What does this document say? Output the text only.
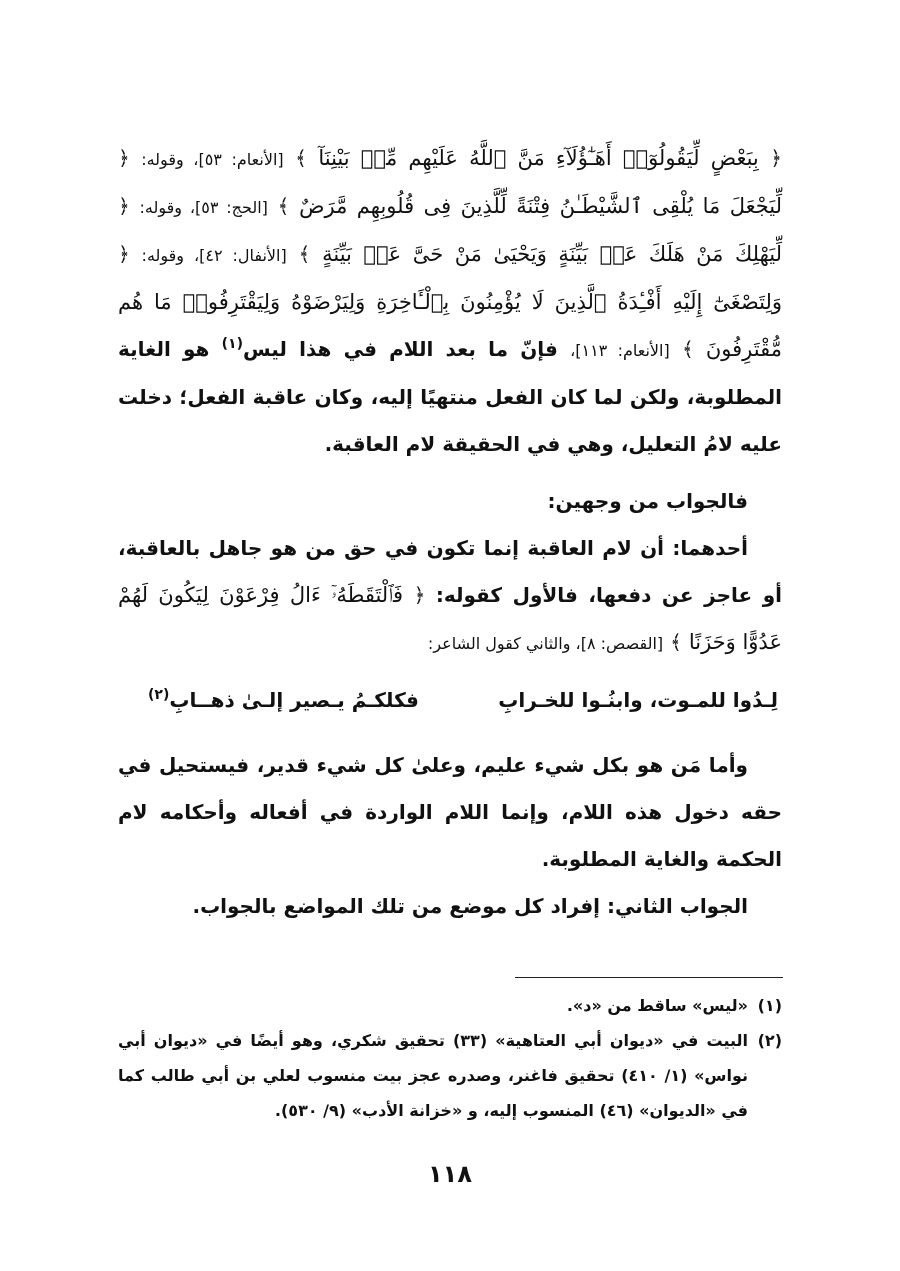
﴿ بِبَعْضٍ لِّيَقُولُوٓا۟ أَهَـٰٓؤُلَآءِ مَنَّ ٱللَّهُ عَلَيْهِم مِّنۢ بَيْنِنَآ ﴾ [الأنعام: ٥٣]، وقوله: ﴿ لِّيَجْعَلَ مَا يُلْقِى ٱلشَّيْطَـٰنُ فِتْنَةً لِّلَّذِينَ فِى قُلُوبِهِم مَّرَضٌ ﴾ [الحج: ٥٣]، وقوله: ﴿ لِّيَهْلِكَ مَنْ هَلَكَ عَنۢ بَيِّنَةٍ وَيَحْيَىٰ مَنْ حَىَّ عَنۢ بَيِّنَةٍ ﴾ [الأنفال: ٤٢]، وقوله: ﴿ وَلِتَصْغَىٰٓ إِلَيْهِ أَفْـِٔدَةُ ٱلَّذِينَ لَا يُؤْمِنُونَ بِٱلْـَٔاخِرَةِ وَلِيَرْضَوْهُ وَلِيَقْتَرِفُوا۟ مَا هُم مُّقْتَرِفُونَ ﴾ [الأنعام: ١١٣]، فإنّ ما بعد اللام في هذا ليس$^{(١)}$ هو الغاية المطلوبة، ولكن لما كان الفعل منتهيًا إليه، وكان عاقبة الفعل؛ دخلت عليه لامُ التعليل، وهي في الحقيقة لام العاقبة.

فالجواب من وجهين:

أحدهما: أن لام العاقبة إنما تكون في حق من هو جاهل بالعاقبة، أو عاجز عن دفعها، فالأول كقوله: ﴿ فَٱلْتَقَطَهُۥٓ ءَالُ فِرْعَوْنَ لِيَكُونَ لَهُمْ عَدُوًّا وَحَزَنًا ﴾ [القصص: ٨]، والثاني كقول الشاعر:

لِـدُوا للمـوت، وابنُـوا للخـرابِ
فكلكـمُ يـصير إلـىٰ ذهــابِ$^{(٢)}$

وأما مَن هو بكل شيء عليم، وعلىٰ كل شيء قدير، فيستحيل في حقه دخول هذه اللام، وإنما اللام الواردة في أفعاله وأحكامه لام الحكمة والغاية المطلوبة.

الجواب الثاني: إفراد كل موضع من تلك المواضع بالجواب.

(١)
«ليس» ساقط من «د».
(٢)
البيت في «ديوان أبي العتاهية» (٣٣) تحقيق شكري، وهو أيضًا في «ديوان أبي نواس» (١/ ٤١٠) تحقيق فاغنر، وصدره عجز بيت منسوب لعلي بن أبي طالب كما في «الديوان» (٤٦) المنسوب إليه، و «خزانة الأدب» (٩/ ٥٣٠).
١١٨
